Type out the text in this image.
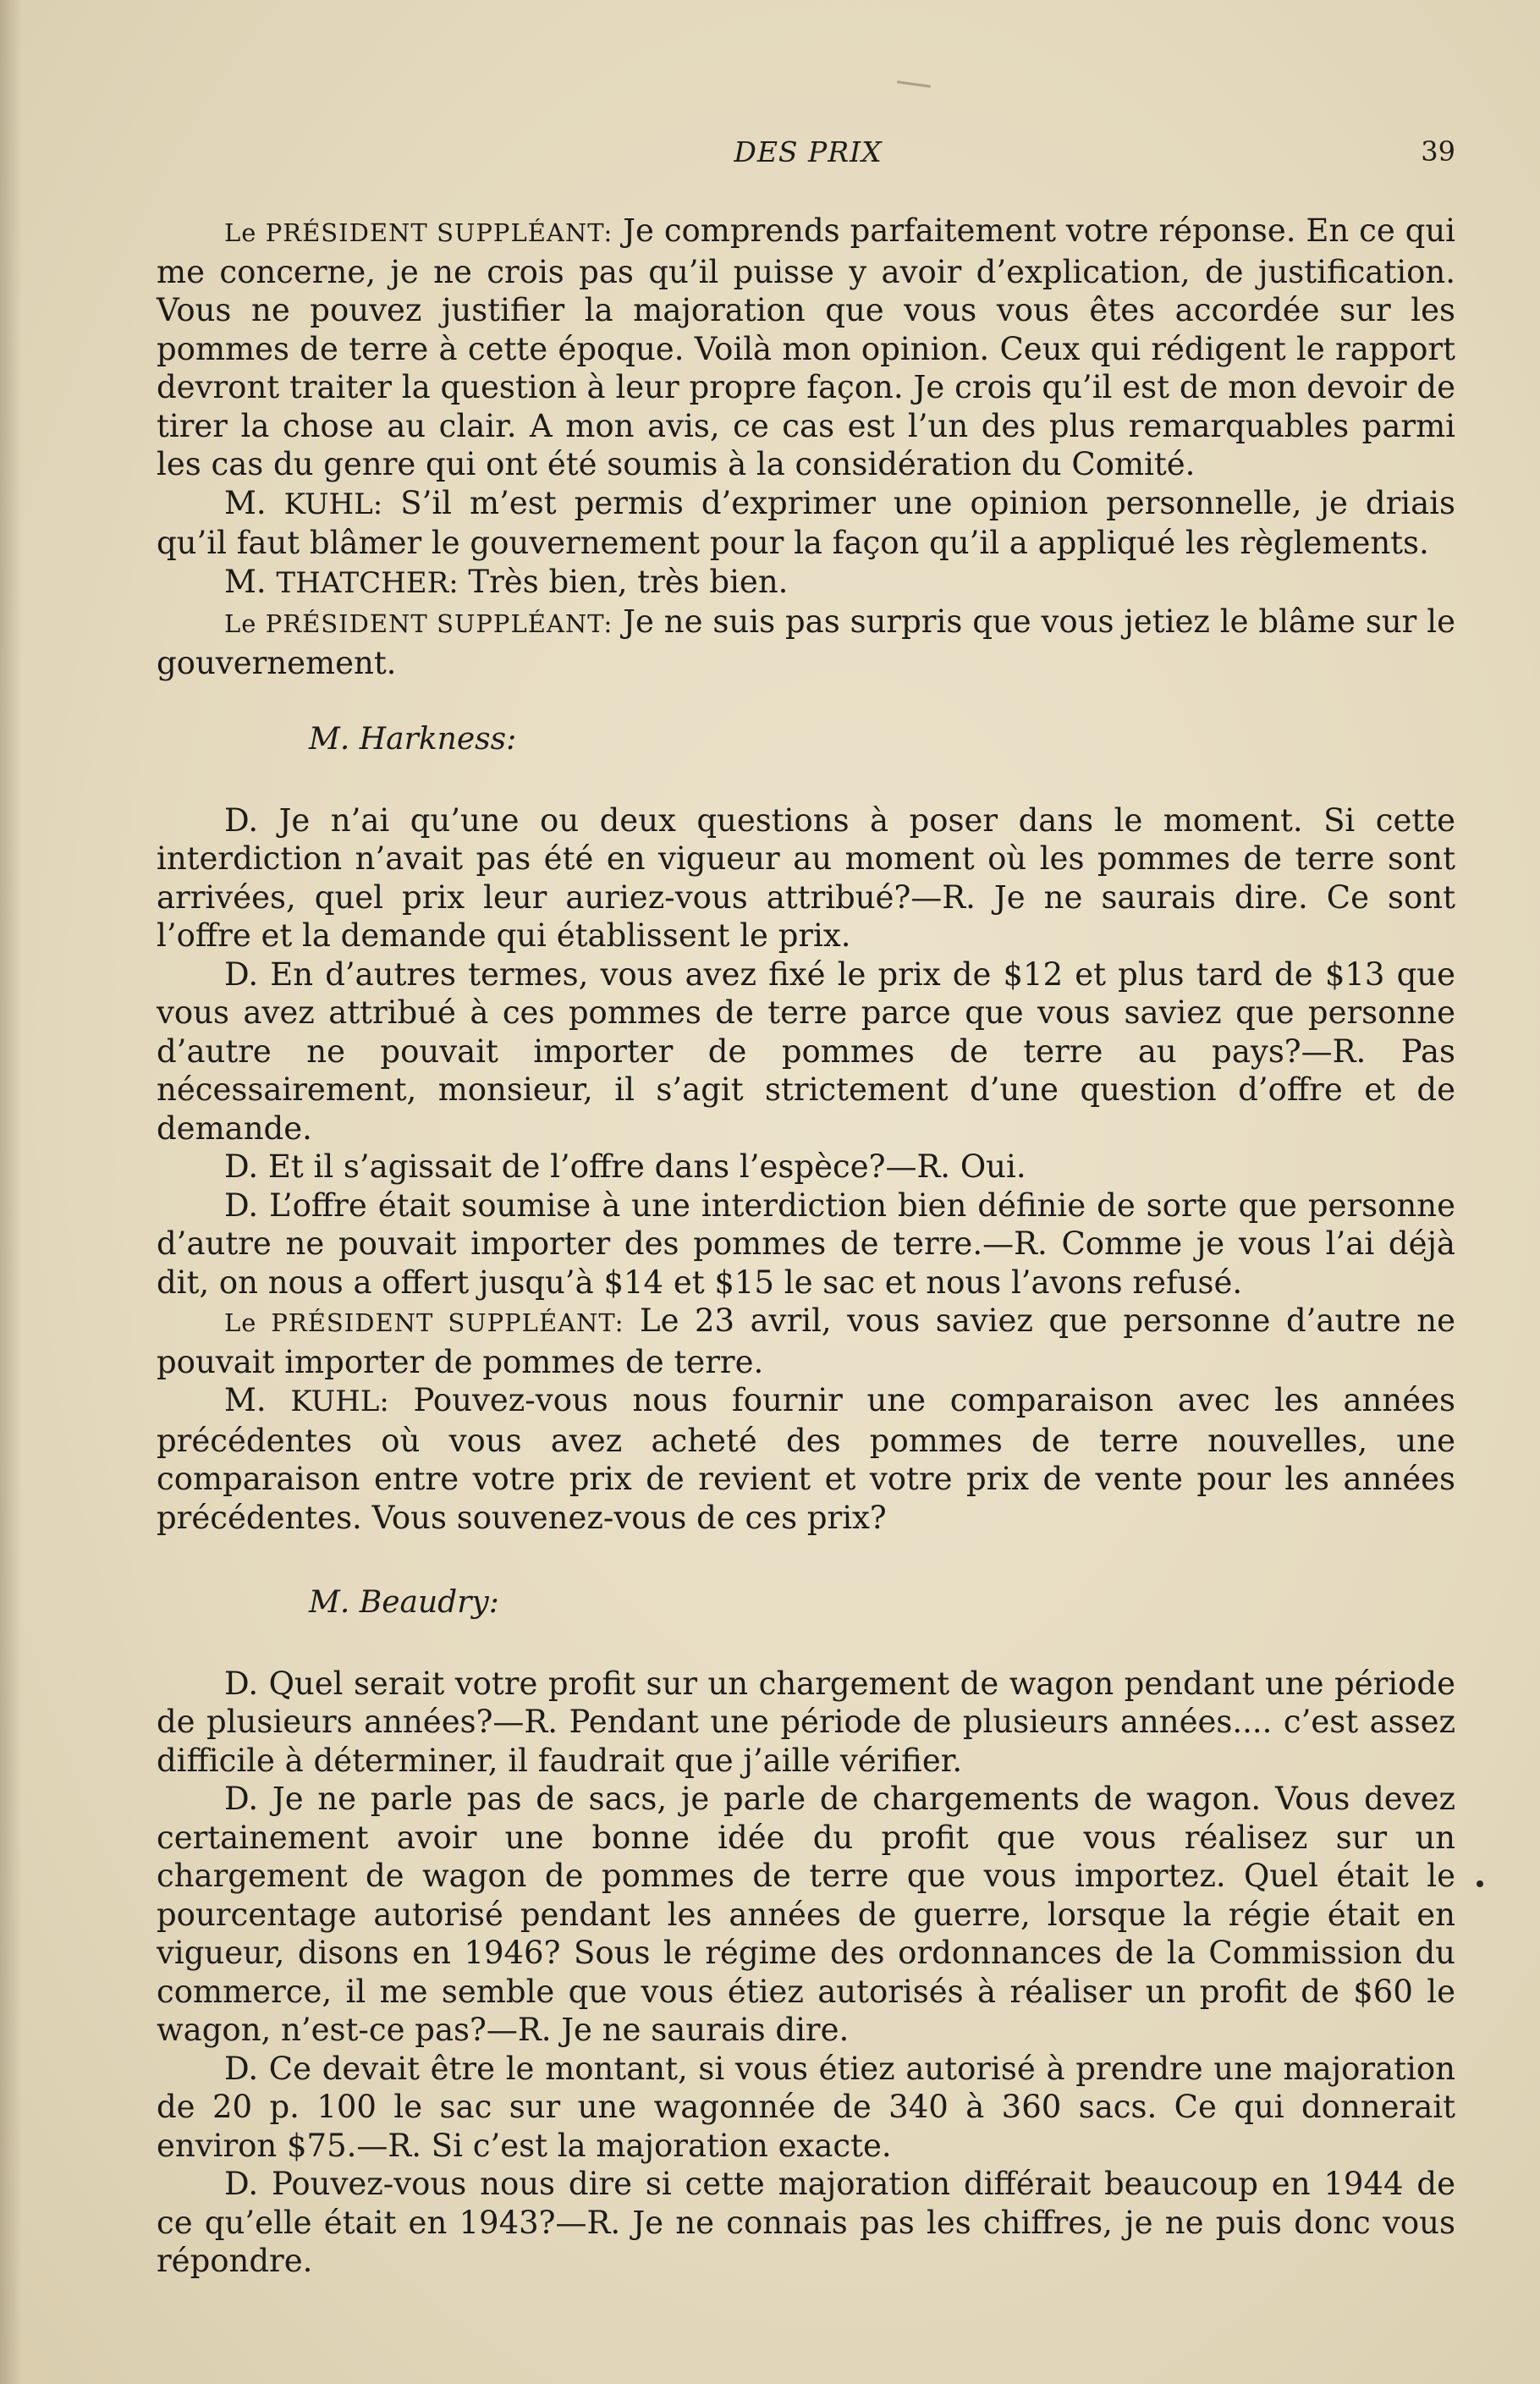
DES PRIX	39

Le PRÉSIDENT SUPPLÉANT: Je comprends parfaitement votre réponse. En ce qui me concerne, je ne crois pas qu’il puisse y avoir d’explication, de justification. Vous ne pouvez justifier la majoration que vous vous êtes accordée sur les pommes de terre à cette époque. Voilà mon opinion. Ceux qui rédigent le rapport devront traiter la question à leur propre façon. Je crois qu’il est de mon devoir de tirer la chose au clair. A mon avis, ce cas est l’un des plus remarquables parmi les cas du genre qui ont été soumis à la considération du Comité.

M. KUHL: S’il m’est permis d’exprimer une opinion personnelle, je driais qu’il faut blâmer le gouvernement pour la façon qu’il a appliqué les règlements.

M. THATCHER: Très bien, très bien.

Le PRÉSIDENT SUPPLÉANT: Je ne suis pas surpris que vous jetiez le blâme sur le gouvernement.

M. Harkness:

D. Je n’ai qu’une ou deux questions à poser dans le moment. Si cette interdiction n’avait pas été en vigueur au moment où les pommes de terre sont arrivées, quel prix leur auriez-vous attribué?—R. Je ne saurais dire. Ce sont l’offre et la demande qui établissent le prix.

D. En d’autres termes, vous avez fixé le prix de $12 et plus tard de $13 que vous avez attribué à ces pommes de terre parce que vous saviez que personne d’autre ne pouvait importer de pommes de terre au pays?—R. Pas nécessairement, monsieur, il s’agit strictement d’une question d’offre et de demande.

D. Et il s’agissait de l’offre dans l’espèce?—R. Oui.

D. L’offre était soumise à une interdiction bien définie de sorte que personne d’autre ne pouvait importer des pommes de terre.—R. Comme je vous l’ai déjà dit, on nous a offert jusqu’à $14 et $15 le sac et nous l’avons refusé.

Le PRÉSIDENT SUPPLÉANT: Le 23 avril, vous saviez que personne d’autre ne pouvait importer de pommes de terre.

M. KUHL: Pouvez-vous nous fournir une comparaison avec les années précédentes où vous avez acheté des pommes de terre nouvelles, une comparaison entre votre prix de revient et votre prix de vente pour les années précédentes. Vous souvenez-vous de ces prix?

M. Beaudry:

D. Quel serait votre profit sur un chargement de wagon pendant une période de plusieurs années?—R. Pendant une période de plusieurs années.... c’est assez difficile à déterminer, il faudrait que j’aille vérifier.

D. Je ne parle pas de sacs, je parle de chargements de wagon. Vous devez certainement avoir une bonne idée du profit que vous réalisez sur un chargement de wagon de pommes de terre que vous importez. Quel était le pourcentage autorisé pendant les années de guerre, lorsque la régie était en vigueur, disons en 1946? Sous le régime des ordonnances de la Commission du commerce, il me semble que vous étiez autorisés à réaliser un profit de $60 le wagon, n’est-ce pas?—R. Je ne saurais dire.

D. Ce devait être le montant, si vous étiez autorisé à prendre une majoration de 20 p. 100 le sac sur une wagonnée de 340 à 360 sacs. Ce qui donnerait environ $75.—R. Si c’est la majoration exacte.

D. Pouvez-vous nous dire si cette majoration différait beaucoup en 1944 de ce qu’elle était en 1943?—R. Je ne connais pas les chiffres, je ne puis donc vous répondre.
